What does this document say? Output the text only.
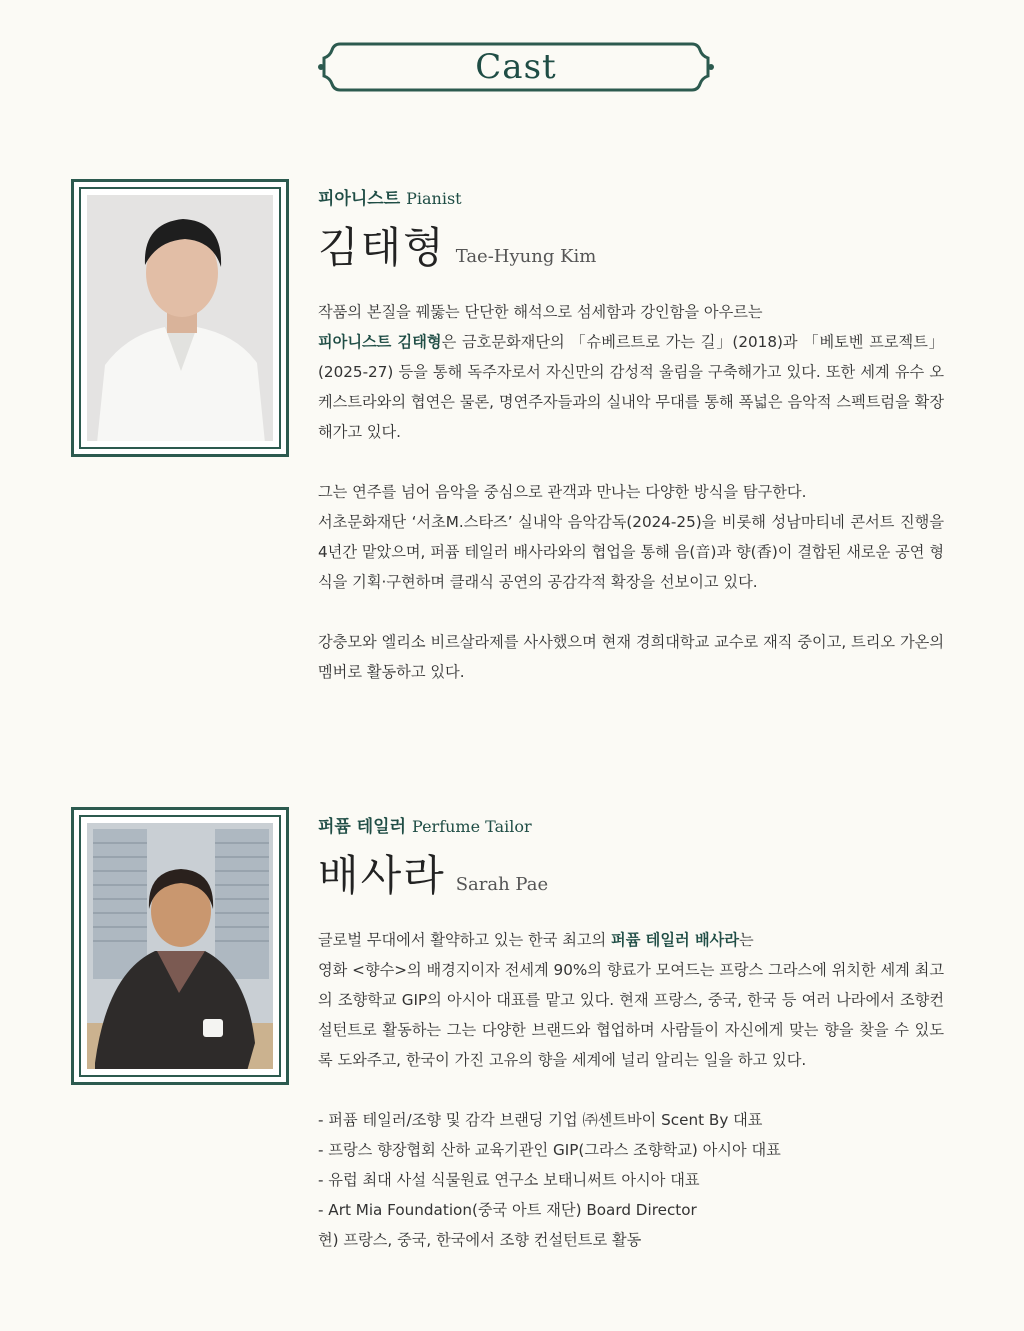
Cast
피아니스트 Pianist
김태형 Tae-Hyung Kim

작품의 본질을 꿰뚫는 단단한 해석으로 섬세함과 강인함을 아우르는
피아니스트 김태형은 금호문화재단의 「슈베르트로 가는 길」(2018)과 「베토벤 프로젝트」(2025-27) 등을 통해 독주자로서 자신만의 감성적 울림을 구축해가고 있다. 또한 세계 유수 오케스트라와의 협연은 물론, 명연주자들과의 실내악 무대를 통해 폭넓은 음악적 스펙트럼을 확장해가고 있다.

그는 연주를 넘어 음악을 중심으로 관객과 만나는 다양한 방식을 탐구한다.
서초문화재단 ‘서초M.스타즈’ 실내악 음악감독(2024-25)을 비롯해 성남마티네 콘서트 진행을 4년간 맡았으며, 퍼퓸 테일러 배사라와의 협업을 통해 음(音)과 향(香)이 결합된 새로운 공연 형식을 기획·구현하며 클래식 공연의 공감각적 확장을 선보이고 있다.

강충모와 엘리소 비르살라제를 사사했으며 현재 경희대학교 교수로 재직 중이고, 트리오 가온의 멤버로 활동하고 있다.

퍼퓸 테일러 Perfume Tailor
배사라 Sarah Pae

글로벌 무대에서 활약하고 있는 한국 최고의 퍼퓸 테일러 배사라는
영화 <향수>의 배경지이자 전세계 90%의 향료가 모여드는 프랑스 그라스에 위치한 세계 최고의 조향학교 GIP의 아시아 대표를 맡고 있다. 현재 프랑스, 중국, 한국 등 여러 나라에서 조향컨설턴트로 활동하는 그는 다양한 브랜드와 협업하며 사람들이 자신에게 맞는 향을 찾을 수 있도록 도와주고, 한국이 가진 고유의 향을 세계에 널리 알리는 일을 하고 있다.

- 퍼퓸 테일러/조향 및 감각 브랜딩 기업 ㈜센트바이 Scent By 대표
- 프랑스 향장협회 산하 교육기관인 GIP(그라스 조향학교) 아시아 대표
- 유럽 최대 사설 식물원료 연구소 보태니써트 아시아 대표
- Art Mia Foundation(중국 아트 재단) Board Director
현) 프랑스, 중국, 한국에서 조향 컨설턴트로 활동
